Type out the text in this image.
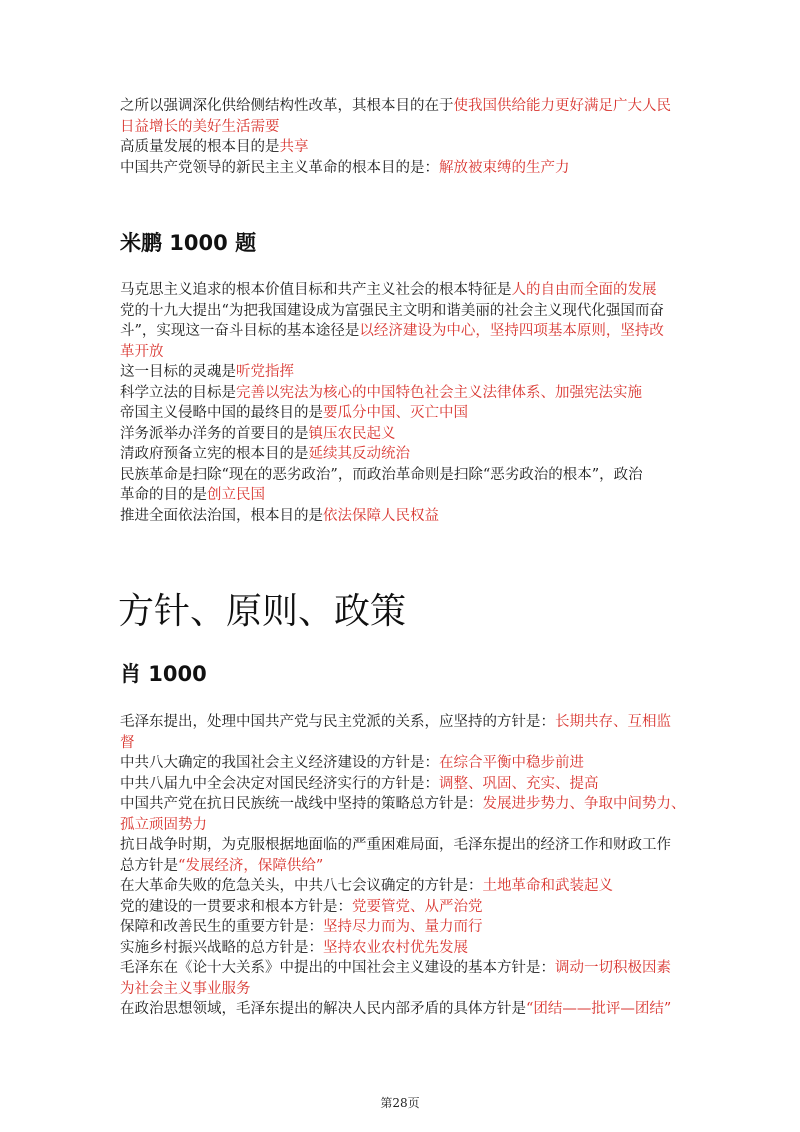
之所以强调深化供给侧结构性改革，其根本目的在于使我国供给能力更好满足广大人民
日益增长的美好生活需要
高质量发展的根本目的是共享
中国共产党领导的新民主主义革命的根本目的是：解放被束缚的生产力
米鹏 1000 题
马克思主义追求的根本价值目标和共产主义社会的根本特征是人的自由而全面的发展
党的十九大提出“为把我国建设成为富强民主文明和谐美丽的社会主义现代化强国而奋
斗”，实现这一奋斗目标的基本途径是以经济建设为中心，坚持四项基本原则，坚持改
革开放
这一目标的灵魂是听党指挥
科学立法的目标是完善以宪法为核心的中国特色社会主义法律体系、加强宪法实施
帝国主义侵略中国的最终目的是要瓜分中国、灭亡中国
洋务派举办洋务的首要目的是镇压农民起义
清政府预备立宪的根本目的是延续其反动统治
民族革命是扫除“现在的恶劣政治”，而政治革命则是扫除“恶劣政治的根本”，政治
革命的目的是创立民国
推进全面依法治国，根本目的是依法保障人民权益
方针、原则、政策
肖 1000
毛泽东提出，处理中国共产党与民主党派的关系，应坚持的方针是：长期共存、互相监
督
中共八大确定的我国社会主义经济建设的方针是：在综合平衡中稳步前进
中共八届九中全会决定对国民经济实行的方针是：调整、巩固、充实、提高
中国共产党在抗日民族统一战线中坚持的策略总方针是：发展进步势力、争取中间势力、
孤立顽固势力
抗日战争时期，为克服根据地面临的严重困难局面，毛泽东提出的经济工作和财政工作
总方针是“发展经济，保障供给”
在大革命失败的危急关头，中共八七会议确定的方针是：土地革命和武装起义
党的建设的一贯要求和根本方针是：党要管党、从严治党
保障和改善民生的重要方针是：坚持尽力而为、量力而行
实施乡村振兴战略的总方针是：坚持农业农村优先发展
毛泽东在《论十大关系》中提出的中国社会主义建设的基本方针是：调动一切积极因素
为社会主义事业服务
在政治思想领域，毛泽东提出的解决人民内部矛盾的具体方针是“团结——批评—团结”
第28页
